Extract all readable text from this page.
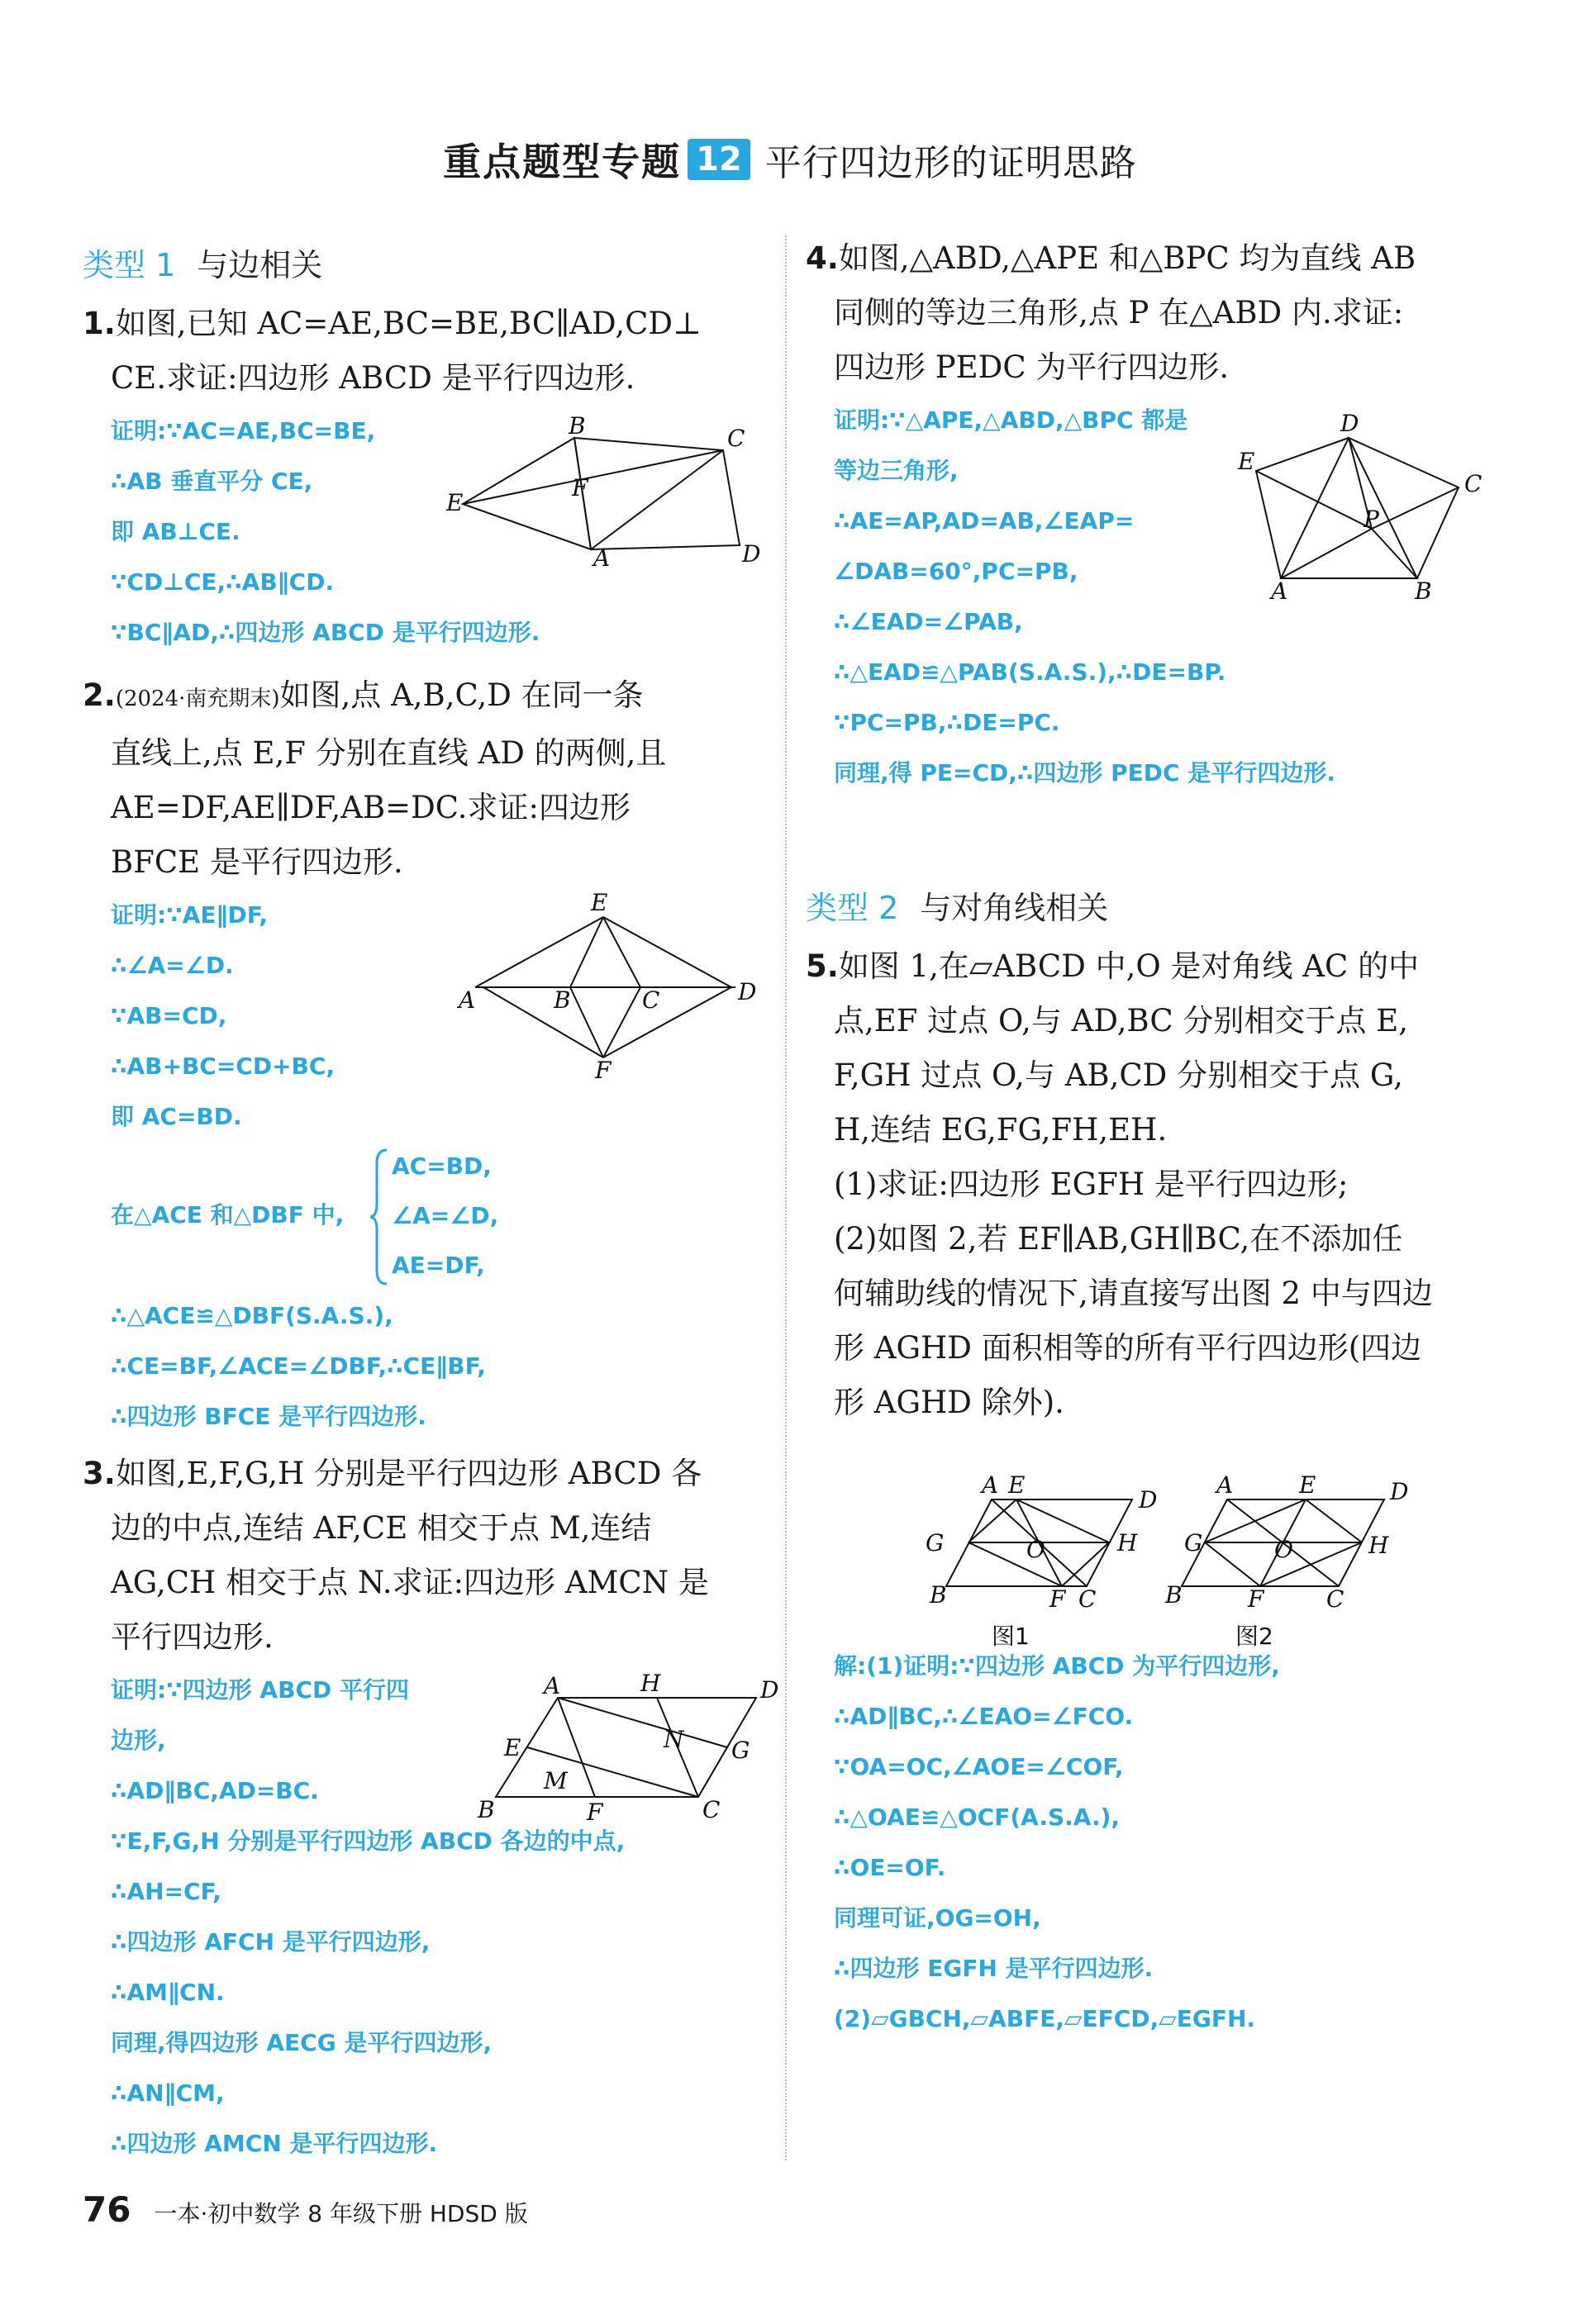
重点题型专题 12 平行四边形的证明思路
类型 1 与边相关
1.如图,已知 AC=AE,BC=BE,BC∥AD,CD⊥
CE.求证:四边形 ABCD 是平行四边形.
证明:∵AC=AE,BC=BE,
∴AB 垂直平分 CE,
即 AB⊥CE.
∵CD⊥CE,∴AB∥CD.
∵BC∥AD,∴四边形 ABCD 是平行四边形.
2.(2024·南充期末)如图,点 A,B,C,D 在同一条
直线上,点 E,F 分别在直线 AD 的两侧,且
AE=DF,AE∥DF,AB=DC.求证:四边形
BFCE 是平行四边形.
证明:∵AE∥DF,
∴∠A=∠D.
∵AB=CD,
∴AB+BC=CD+BC,
即 AC=BD.
在△ACE 和△DBF 中,
AC=BD,
∠A=∠D,
AE=DF,
∴△ACE≌△DBF(S.A.S.),
∴CE=BF,∠ACE=∠DBF,∴CE∥BF,
∴四边形 BFCE 是平行四边形.
3.如图,E,F,G,H 分别是平行四边形 ABCD 各
边的中点,连结 AF,CE 相交于点 M,连结
AG,CH 相交于点 N.求证:四边形 AMCN 是
平行四边形.
证明:∵四边形 ABCD 平行四
边形,
∴AD∥BC,AD=BC.
∵E,F,G,H 分别是平行四边形 ABCD 各边的中点,
∴AH=CF,
∴四边形 AFCH 是平行四边形,
∴AM∥CN.
同理,得四边形 AECG 是平行四边形,
∴AN∥CM,
∴四边形 AMCN 是平行四边形.
4.如图,△ABD,△APE 和△BPC 均为直线 AB
同侧的等边三角形,点 P 在△ABD 内.求证:
四边形 PEDC 为平行四边形.
证明:∵△APE,△ABD,△BPC 都是
等边三角形,
∴AE=AP,AD=AB,∠EAP=
∠DAB=60°,PC=PB,
∴∠EAD=∠PAB,
∴△EAD≌△PAB(S.A.S.),∴DE=BP.
∵PC=PB,∴DE=PC.
同理,得 PE=CD,∴四边形 PEDC 是平行四边形.
类型 2 与对角线相关
5.如图 1,在▱ABCD 中,O 是对角线 AC 的中
点,EF 过点 O,与 AD,BC 分别相交于点 E,
F,GH 过点 O,与 AB,CD 分别相交于点 G,
H,连结 EG,FG,FH,EH.
(1)求证:四边形 EGFH 是平行四边形;
(2)如图 2,若 EF∥AB,GH∥BC,在不添加任
何辅助线的情况下,请直接写出图 2 中与四边
形 AGHD 面积相等的所有平行四边形(四边
形 AGHD 除外).
解:(1)证明:∵四边形 ABCD 为平行四边形,
∴AD∥BC,∴∠EAO=∠FCO.
∵OA=OC,∠AOE=∠COF,
∴△OAE≌△OCF(A.S.A.),
∴OE=OF.
同理可证,OG=OH,
∴四边形 EGFH 是平行四边形.
(2)▱GBCH,▱ABFE,▱EFCD,▱EGFH.
E
B	C
A	D
F
E
A	B	C	D
F
A	H	D
E	G
N
M
B	F	C
D
E
C
P
A	B
A E
D
G	H
O
B	F C
A	E	D
G	H
O
B	F	C
图1	图2
76 一本·初中数学 8 年级下册 HDSD 版
